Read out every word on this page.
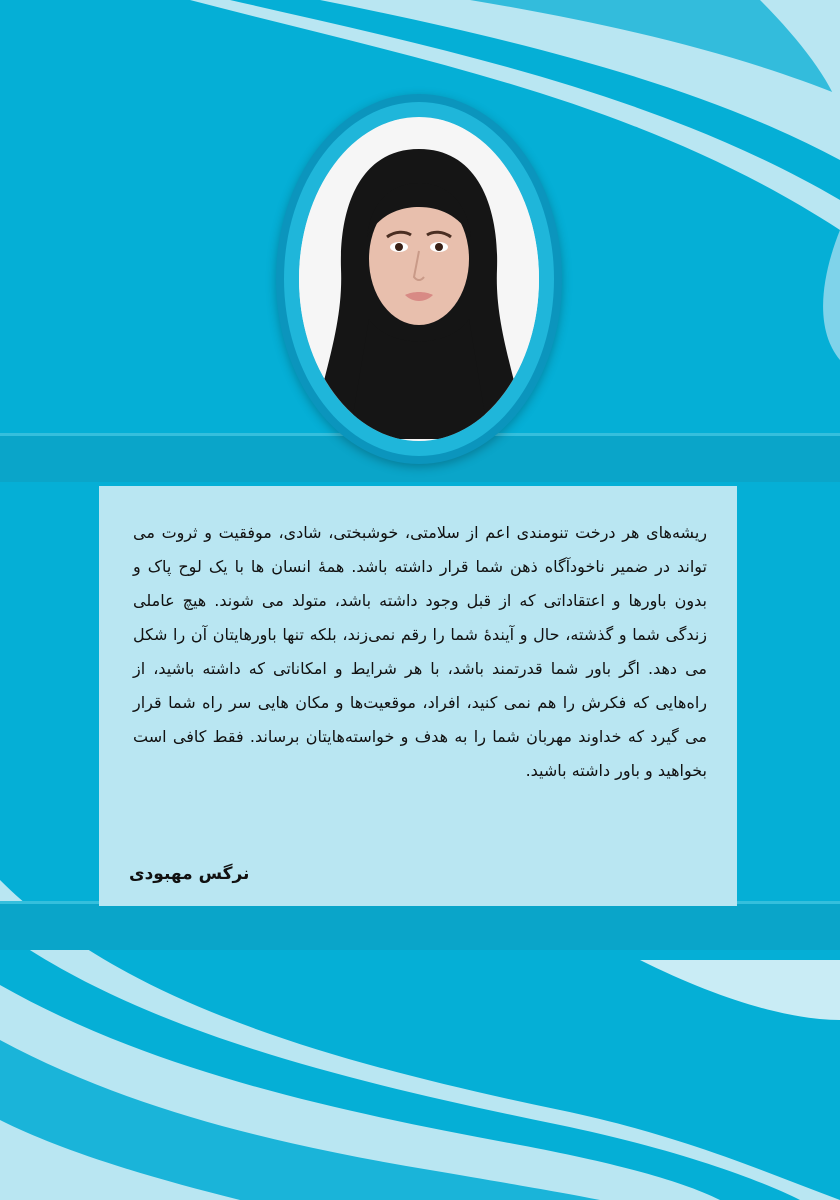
ریشه‌های هر درخت تنومندی اعم از سلامتی، خوشبختی، شادی، موفقیت و ثروت می تواند در ضمیر ناخودآگاه ذهن شما قرار داشته باشد. همهٔ انسان ها با یک لوح پاک و بدون باورها و اعتقاداتی که از قبل وجود داشته باشد، متولد می شوند. هیچ عاملی زندگی شما و گذشته، حال و آیندهٔ شما را رقم نمی‌زند، بلکه تنها باورهایتان آن را شکل می دهد. اگر باور شما قدرتمند باشد، با هر شرایط و امکاناتی که داشته باشید، از راه‌هایی که فکرش را هم نمی کنید، افراد، موقعیت‌ها و مکان هایی سر راه شما قرار می گیرد که خداوند مهربان شما را به هدف و خواسته‌هایتان برساند. فقط کافی است بخواهید و باور داشته باشید.

نرگس مهبودی
